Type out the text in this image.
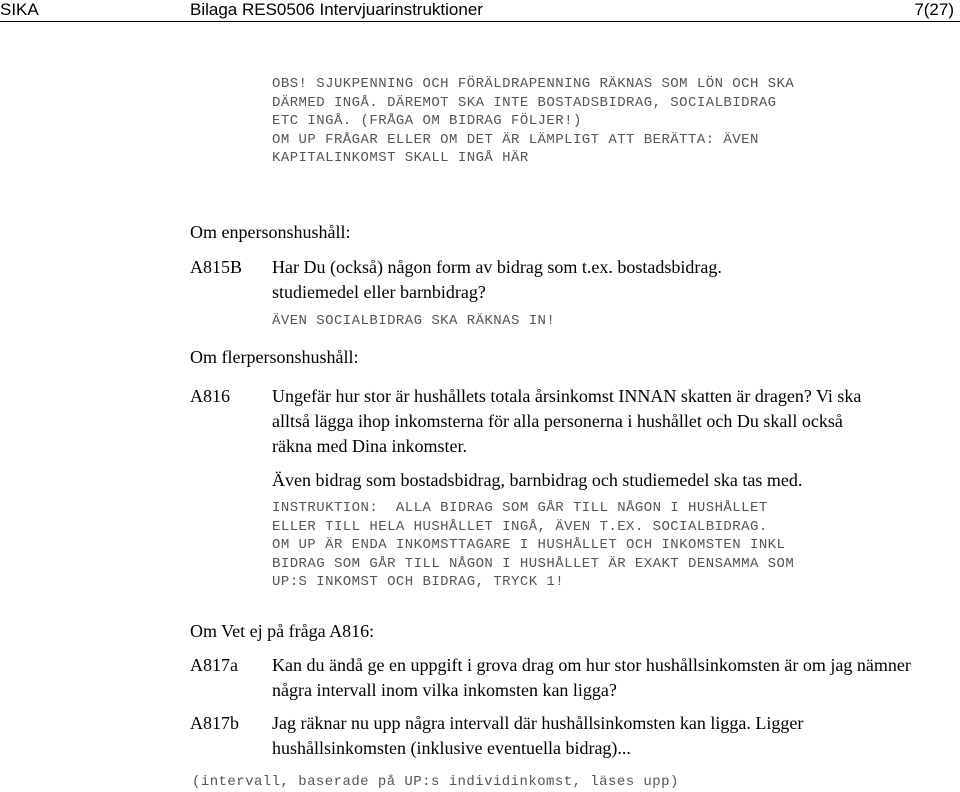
SIKA	Bilaga RES0506 Intervjuarinstruktioner	7(27)
OBS! SJUKPENNING OCH FÖRÄLDRAPENNING RÄKNAS SOM LÖN OCH SKA
DÄRMED INGÅ. DÄREMOT SKA INTE BOSTADSBIDRAG, SOCIALBIDRAG
ETC INGÅ. (FRÅGA OM BIDRAG FÖLJER!)
OM UP FRÅGAR ELLER OM DET ÄR LÄMPLIGT ATT BERÄTTA: ÄVEN
KAPITALINKOMST SKALL INGÅ HÄR
Om enpersonshushåll:
A815B Har Du (också) någon form av bidrag som t.ex. bostadsbidrag.
studiemedel eller barnbidrag?
ÄVEN SOCIALBIDRAG SKA RÄKNAS IN!
Om flerpersonshushåll:
A816 Ungefär hur stor är hushållets totala årsinkomst INNAN skatten är dragen? Vi ska alltså lägga ihop inkomsterna för alla personerna i hushållet och Du skall också räkna med Dina inkomster.
Även bidrag som bostadsbidrag, barnbidrag och studiemedel ska tas med.
INSTRUKTION:  ALLA BIDRAG SOM GÅR TILL NÅGON I HUSHÅLLET
ELLER TILL HELA HUSHÅLLET INGÅ, ÄVEN T.EX. SOCIALBIDRAG.
OM UP ÄR ENDA INKOMSTTAGARE I HUSHÅLLET OCH INKOMSTEN INKL
BIDRAG SOM GÅR TILL NÅGON I HUSHÅLLET ÄR EXAKT DENSAMMA SOM
UP:S INKOMST OCH BIDRAG, TRYCK 1!
Om Vet ej på fråga A816:
A817a Kan du ändå ge en uppgift i grova drag om hur stor hushållsinkomsten är om jag nämner några intervall inom vilka inkomsten kan ligga?
A817b Jag räknar nu upp några intervall där hushållsinkomsten kan ligga. Ligger hushållsinkomsten (inklusive eventuella bidrag)...
(intervall, baserade på UP:s individinkomst, läses upp)
